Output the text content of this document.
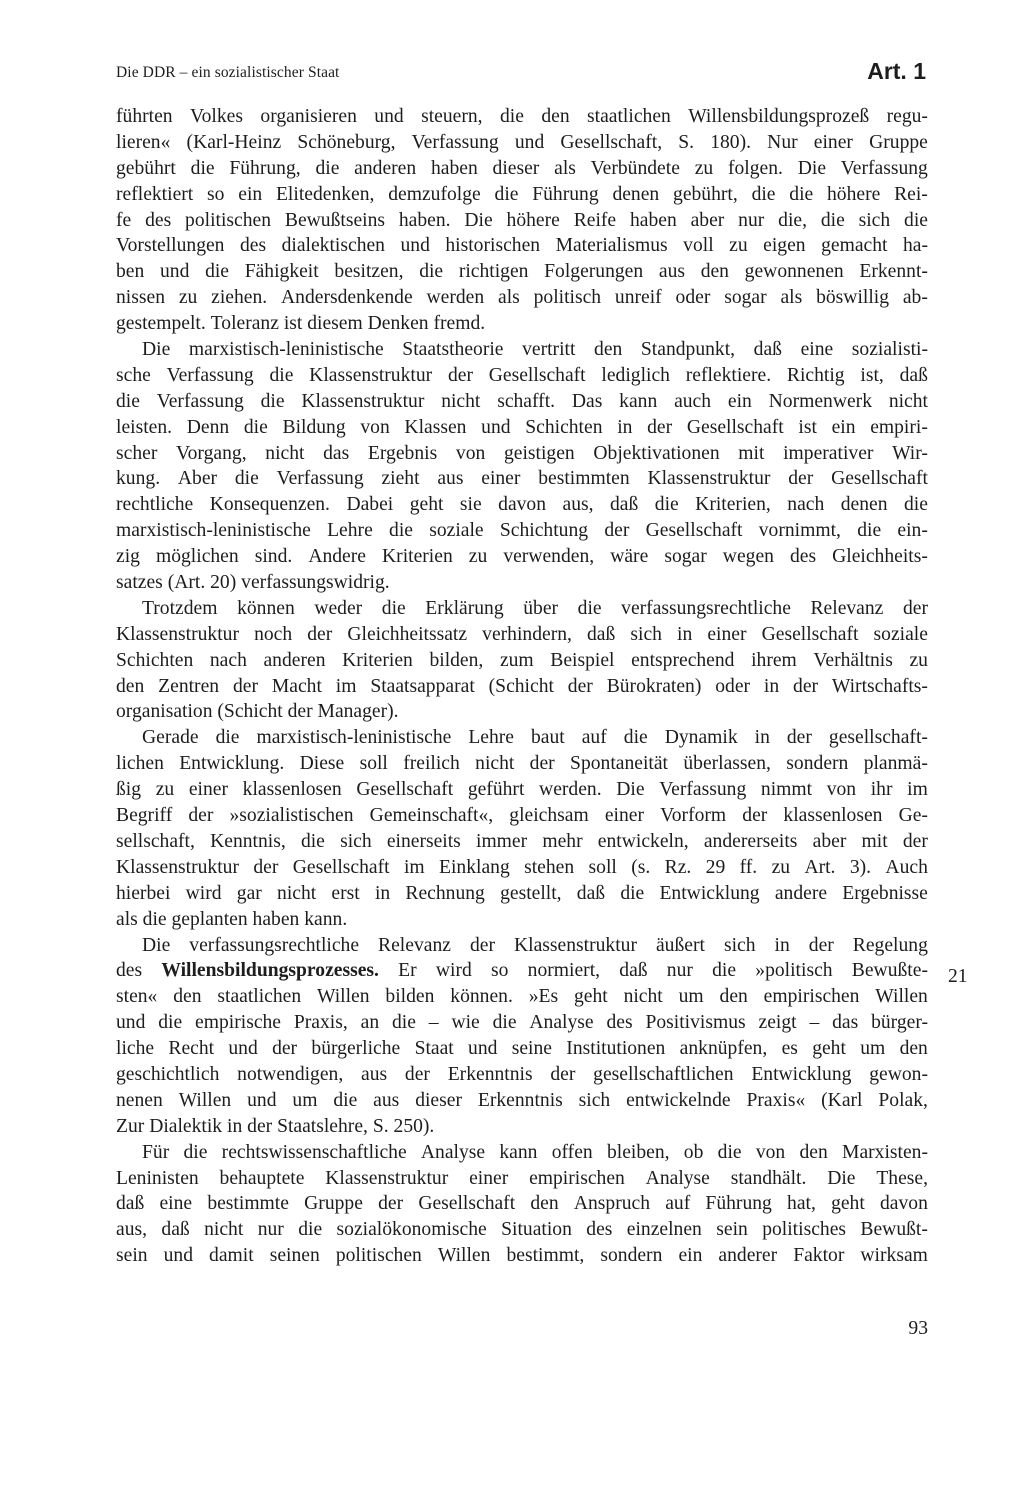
Die DDR – ein sozialistischer Staat	Art. 1
führten Volkes organisieren und steuern, die den staatlichen Willensbildungsprozeß regu-
lieren« (Karl-Heinz Schöneburg, Verfassung und Gesellschaft, S. 180). Nur einer Gruppe
gebührt die Führung, die anderen haben dieser als Verbündete zu folgen. Die Verfassung
reflektiert so ein Elitedenken, demzufolge die Führung denen gebührt, die die höhere Rei-
fe des politischen Bewußtseins haben. Die höhere Reife haben aber nur die, die sich die
Vorstellungen des dialektischen und historischen Materialismus voll zu eigen gemacht ha-
ben und die Fähigkeit besitzen, die richtigen Folgerungen aus den gewonnenen Erkennt-
nissen zu ziehen. Andersdenkende werden als politisch unreif oder sogar als böswillig ab-
gestempelt. Toleranz ist diesem Denken fremd.
Die marxistisch-leninistische Staatstheorie vertritt den Standpunkt, daß eine sozialisti-
sche Verfassung die Klassenstruktur der Gesellschaft lediglich reflektiere. Richtig ist, daß
die Verfassung die Klassenstruktur nicht schafft. Das kann auch ein Normenwerk nicht
leisten. Denn die Bildung von Klassen und Schichten in der Gesellschaft ist ein empiri-
scher Vorgang, nicht das Ergebnis von geistigen Objektivationen mit imperativer Wir-
kung. Aber die Verfassung zieht aus einer bestimmten Klassenstruktur der Gesellschaft
rechtliche Konsequenzen. Dabei geht sie davon aus, daß die Kriterien, nach denen die
marxistisch-leninistische Lehre die soziale Schichtung der Gesellschaft vornimmt, die ein-
zig möglichen sind. Andere Kriterien zu verwenden, wäre sogar wegen des Gleichheits-
satzes (Art. 20) verfassungswidrig.
Trotzdem können weder die Erklärung über die verfassungsrechtliche Relevanz der
Klassenstruktur noch der Gleichheitssatz verhindern, daß sich in einer Gesellschaft soziale
Schichten nach anderen Kriterien bilden, zum Beispiel entsprechend ihrem Verhältnis zu
den Zentren der Macht im Staatsapparat (Schicht der Bürokraten) oder in der Wirtschafts-
organisation (Schicht der Manager).
Gerade die marxistisch-leninistische Lehre baut auf die Dynamik in der gesellschaft-
lichen Entwicklung. Diese soll freilich nicht der Spontaneität überlassen, sondern planmä-
ßig zu einer klassenlosen Gesellschaft geführt werden. Die Verfassung nimmt von ihr im
Begriff der »sozialistischen Gemeinschaft«, gleichsam einer Vorform der klassenlosen Ge-
sellschaft, Kenntnis, die sich einerseits immer mehr entwickeln, andererseits aber mit der
Klassenstruktur der Gesellschaft im Einklang stehen soll (s. Rz. 29 ff. zu Art. 3). Auch
hierbei wird gar nicht erst in Rechnung gestellt, daß die Entwicklung andere Ergebnisse
als die geplanten haben kann.
Die verfassungsrechtliche Relevanz der Klassenstruktur äußert sich in der Regelung
des Willensbildungsprozesses. Er wird so normiert, daß nur die »politisch Bewußte-
sten« den staatlichen Willen bilden können. »Es geht nicht um den empirischen Willen
und die empirische Praxis, an die – wie die Analyse des Positivismus zeigt – das bürger-
liche Recht und der bürgerliche Staat und seine Institutionen anknüpfen, es geht um den
geschichtlich notwendigen, aus der Erkenntnis der gesellschaftlichen Entwicklung gewon-
nenen Willen und um die aus dieser Erkenntnis sich entwickelnde Praxis« (Karl Polak,
Zur Dialektik in der Staatslehre, S. 250).
Für die rechtswissenschaftliche Analyse kann offen bleiben, ob die von den Marxisten-
Leninisten behauptete Klassenstruktur einer empirischen Analyse standhält. Die These,
daß eine bestimmte Gruppe der Gesellschaft den Anspruch auf Führung hat, geht davon
aus, daß nicht nur die sozialökonomische Situation des einzelnen sein politisches Bewußt-
sein und damit seinen politischen Willen bestimmt, sondern ein anderer Faktor wirksam
21
93
